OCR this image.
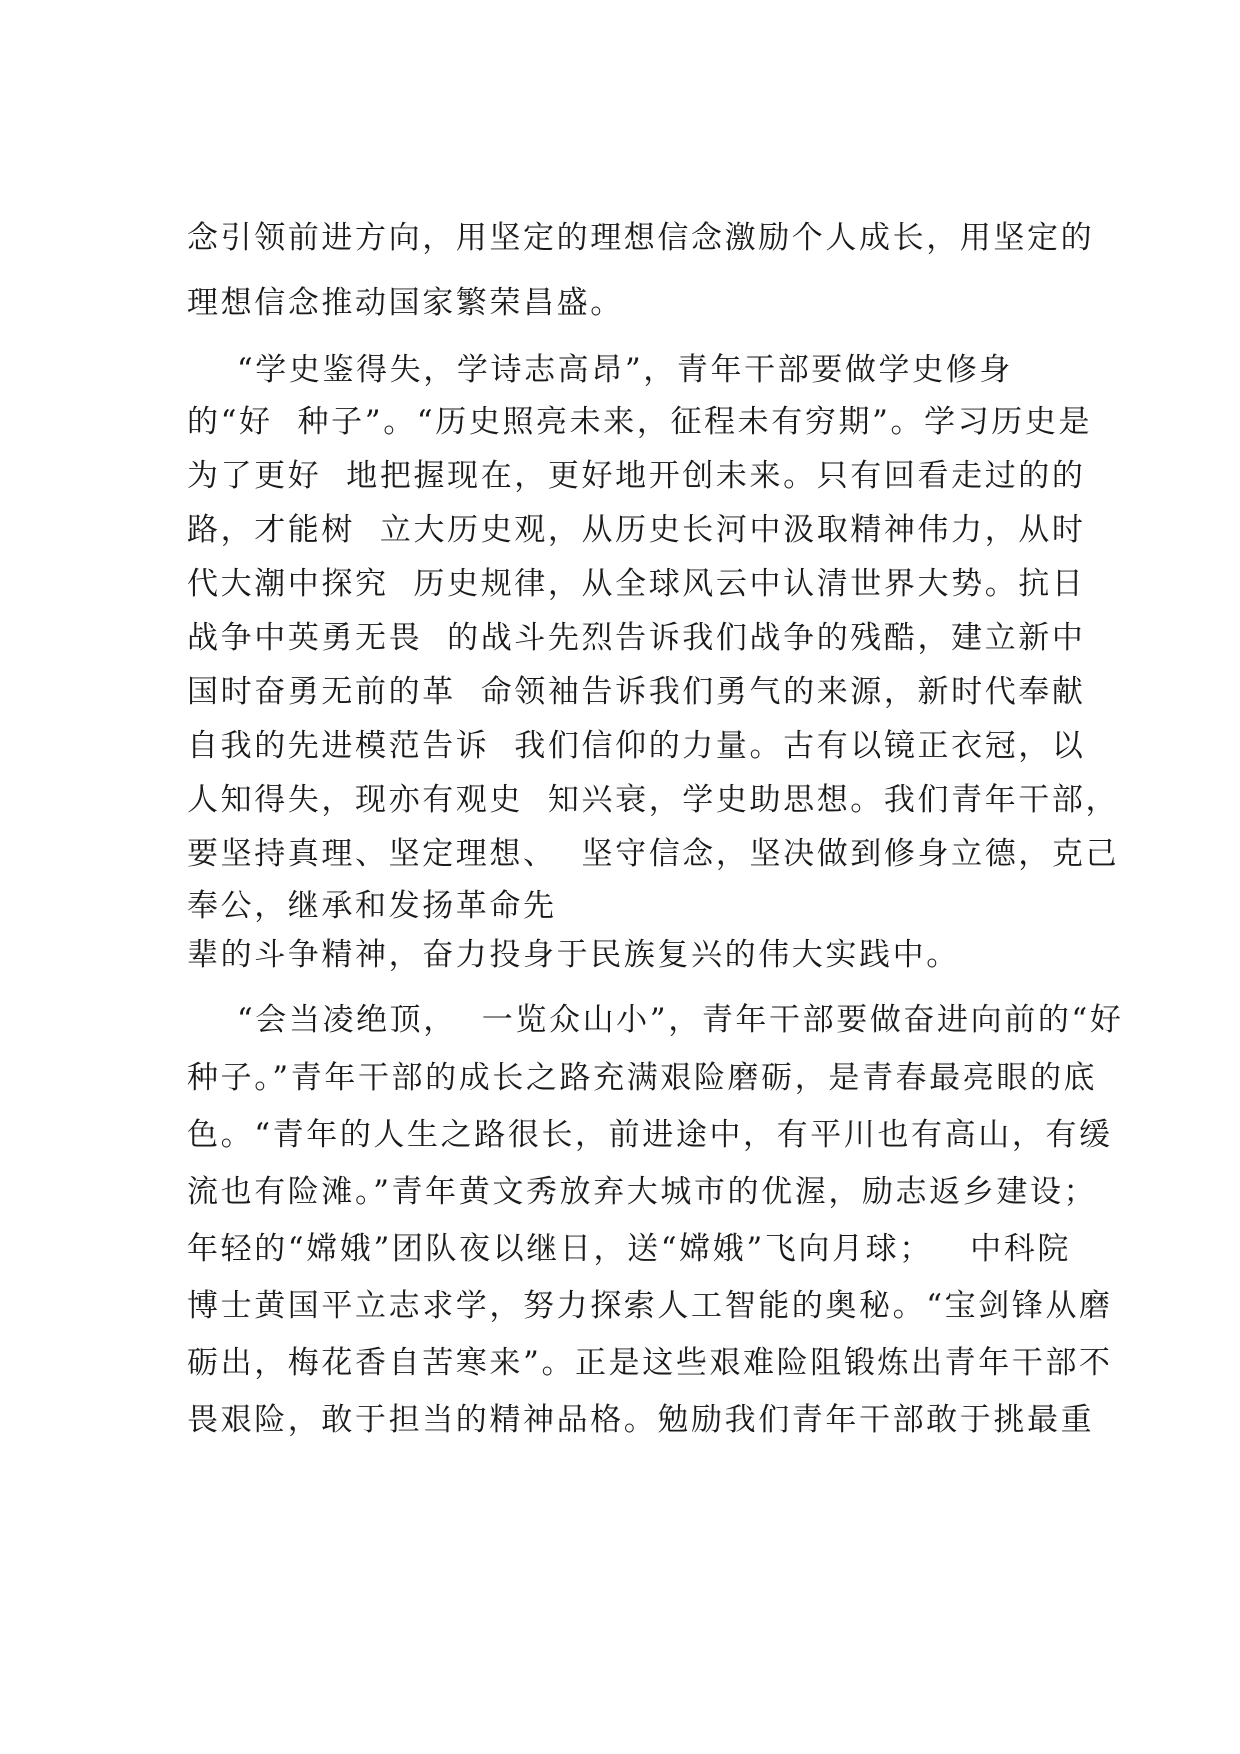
念引领前进方向，用坚定的理想信念激励个人成长，用坚定的
理想信念推动国家繁荣昌盛。
“学史鉴得失，学诗志高昂”，青年干部要做学史修身
的“好  种子”。“历史照亮未来，征程未有穷期”。学习历史是
为了更好  地把握现在，更好地开创未来。只有回看走过的的
路，才能树  立大历史观，从历史长河中汲取精神伟力，从时
代大潮中探究  历史规律，从全球风云中认清世界大势。抗日
战争中英勇无畏  的战斗先烈告诉我们战争的残酷，建立新中
国时奋勇无前的革  命领袖告诉我们勇气的来源，新时代奉献
自我的先进模范告诉  我们信仰的力量。古有以镜正衣冠，以
人知得失，现亦有观史  知兴衰，学史助思想。我们青年干部，
要坚持真理、坚定理想、  坚守信念，坚决做到修身立德，克己
奉公，继承和发扬革命先
辈的斗争精神，奋力投身于民族复兴的伟大实践中。
“会当凌绝顶，  一览众山小”，青年干部要做奋进向前的“好
种子。”青年干部的成长之路充满艰险磨砺，是青春最亮眼的底
色。“青年的人生之路很长，前进途中，有平川也有高山，有缓
流也有险滩。”青年黄文秀放弃大城市的优渥，励志返乡建设；
年轻的“嫦娥”团队夜以继日，送“嫦娥”飞向月球；   中科院
博士黄国平立志求学，努力探索人工智能的奥秘。“宝剑锋从磨
砺出，梅花香自苦寒来”。正是这些艰难险阻锻炼出青年干部不
畏艰险，敢于担当的精神品格。勉励我们青年干部敢于挑最重
